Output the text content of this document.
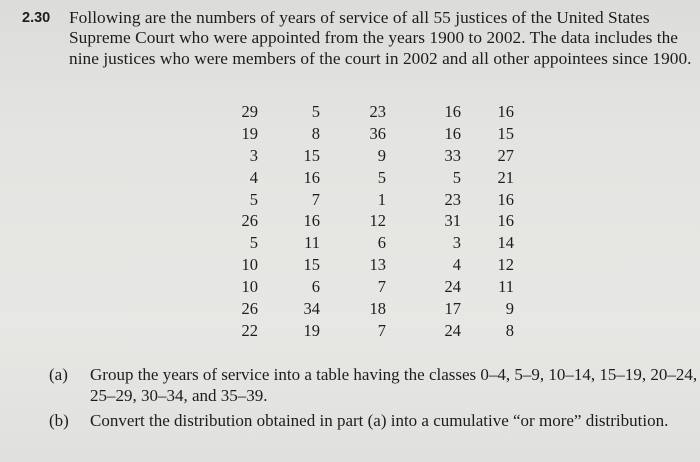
2.30 Following are the numbers of years of service of all 55 justices of the United States Supreme Court who were appointed from the years 1900 to 2002. The data includes the nine justices who were members of the court in 2002 and all other appointees since 1900.
29
19
3
4
5
26
5
10
10
26
22
5
8
15
16
7
16
11
15
6
34
19
23
36
9
5
1
12
6
13
7
18
7
16
16
33
5
23
31
3
4
24
17
24
16
15
27
21
16
16
14
12
11
9
8
(a) Group the years of service into a table having the classes 0–4, 5–9, 10–14, 15–19, 20–24, 25–29, 30–34, and 35–39.
(b) Convert the distribution obtained in part (a) into a cumulative “or more” distribution.
